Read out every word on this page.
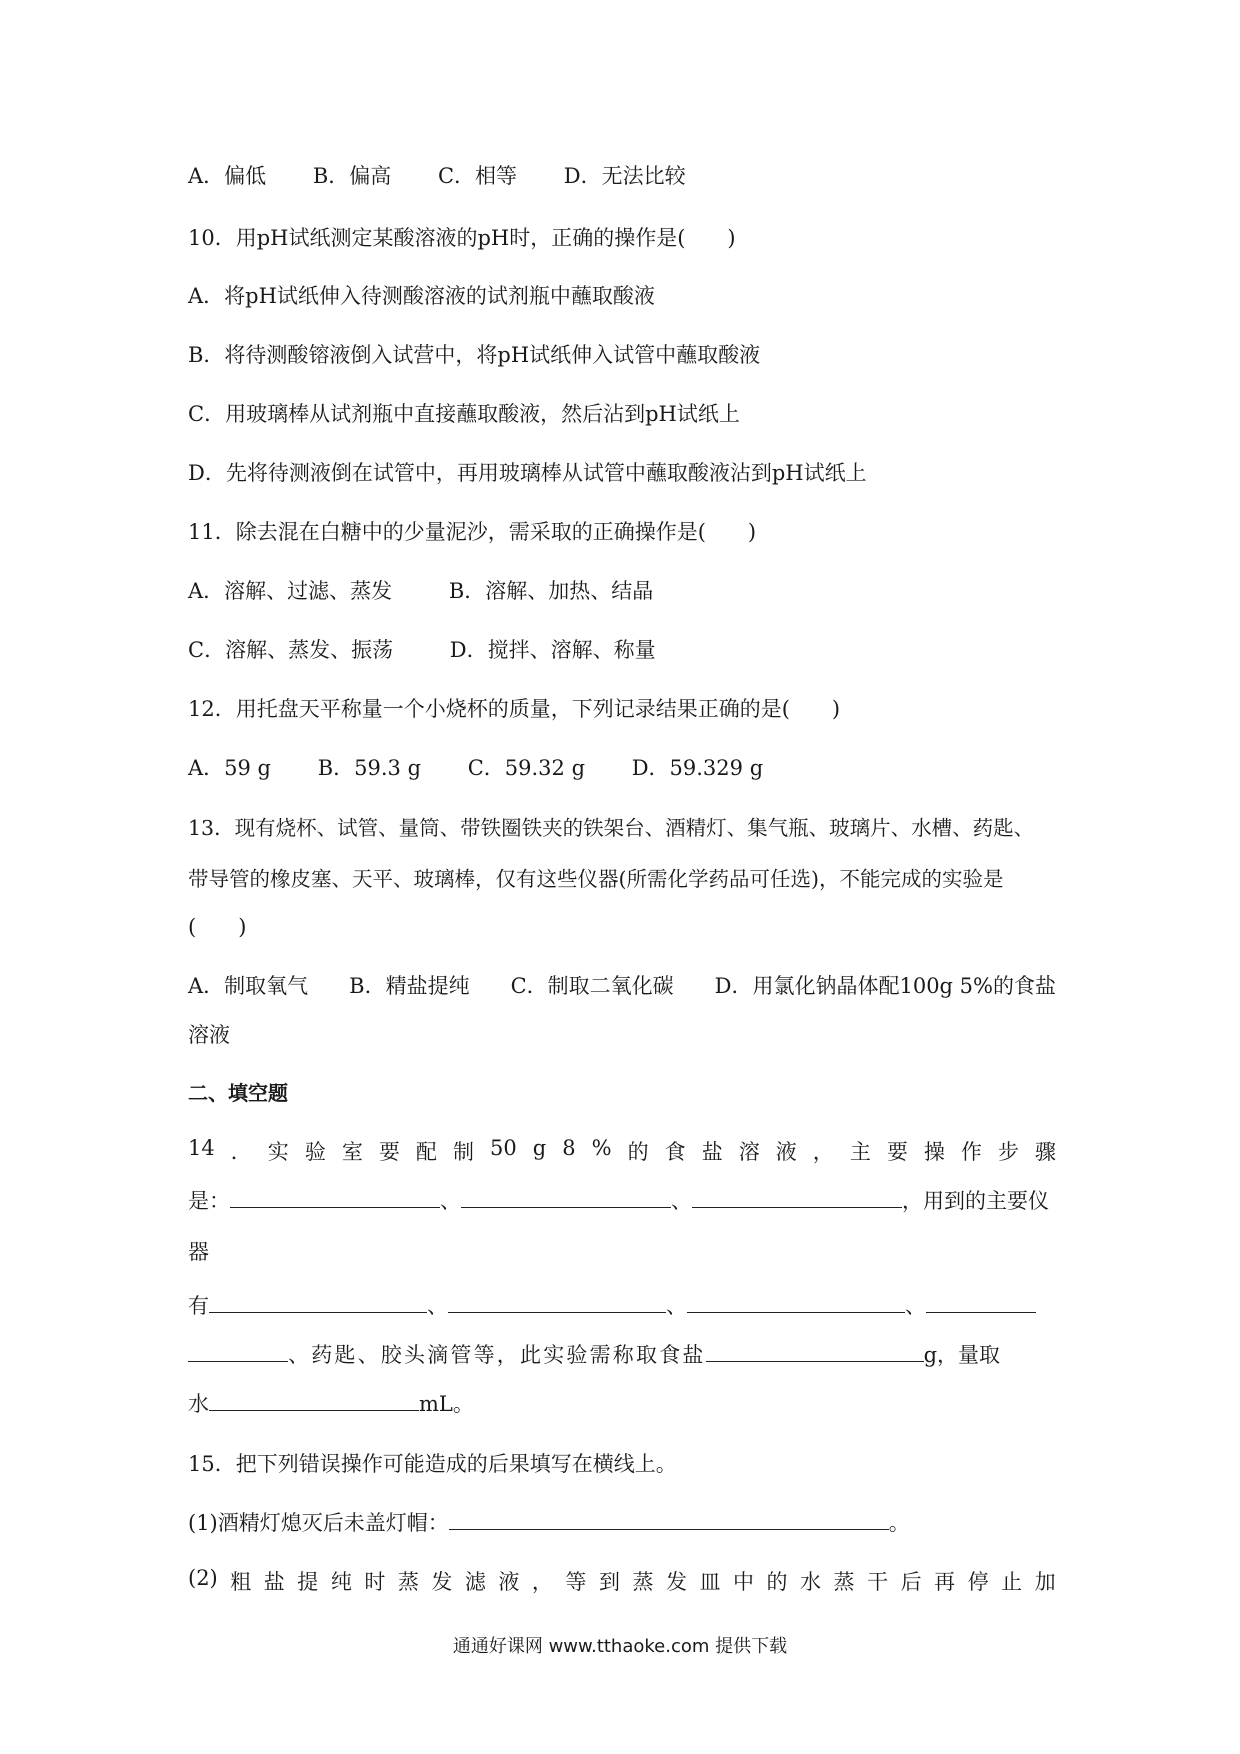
A．偏低 B．偏高 C．相等 D．无法比较
10．用pH试纸测定某酸溶液的pH时，正确的操作是(　　)
A．将pH试纸伸入待测酸溶液的试剂瓶中蘸取酸液
B．将待测酸镕液倒入试营中，将pH试纸伸入试管中蘸取酸液
C．用玻璃棒从试剂瓶中直接蘸取酸液，然后沾到pH试纸上
D．先将待测液倒在试管中，再用玻璃棒从试管中蘸取酸液沾到pH试纸上
11．除去混在白糖中的少量泥沙，需采取的正确操作是(　　)
A．溶解、过滤、蒸发	B．溶解、加热、结晶
C．溶解、蒸发、振荡	D．搅拌、溶解、称量
12．用托盘天平称量一个小烧杯的质量，下列记录结果正确的是(　　)
A．59 g B．59.3 g C．59.32 g D．59.329 g
13．现有烧杯、试管、量筒、带铁圈铁夹的铁架台、酒精灯、集气瓶、玻璃片、水槽、药匙、
带导管的橡皮塞、天平、玻璃棒，仅有这些仪器(所需化学药品可任选)，不能完成的实验是
(　　)
A．制取氧气 B．精盐提纯 C．制取二氧化碳 D．用氯化钠晶体配100g 5%的食盐
溶液
二、填空题
14 ． 实 验 室 要 配 制 50 g 8 % 的 食 盐 溶 液 ， 主 要 操 作 步 骤
是：	、	、	，用到的主要仪
器
有	、	、	、
、药匙、胶头滴管等，此实验需称取食盐	g，量取
水	mL。
15．把下列错误操作可能造成的后果填写在横线上。
(1)酒精灯熄灭后未盖灯帽：	。
(2) 粗 盐 提 纯 时 蒸 发 滤 液 ， 等 到 蒸 发 皿 中 的 水 蒸 干 后 再 停 止 加
通通好课网 www.tthaoke.com 提供下载
